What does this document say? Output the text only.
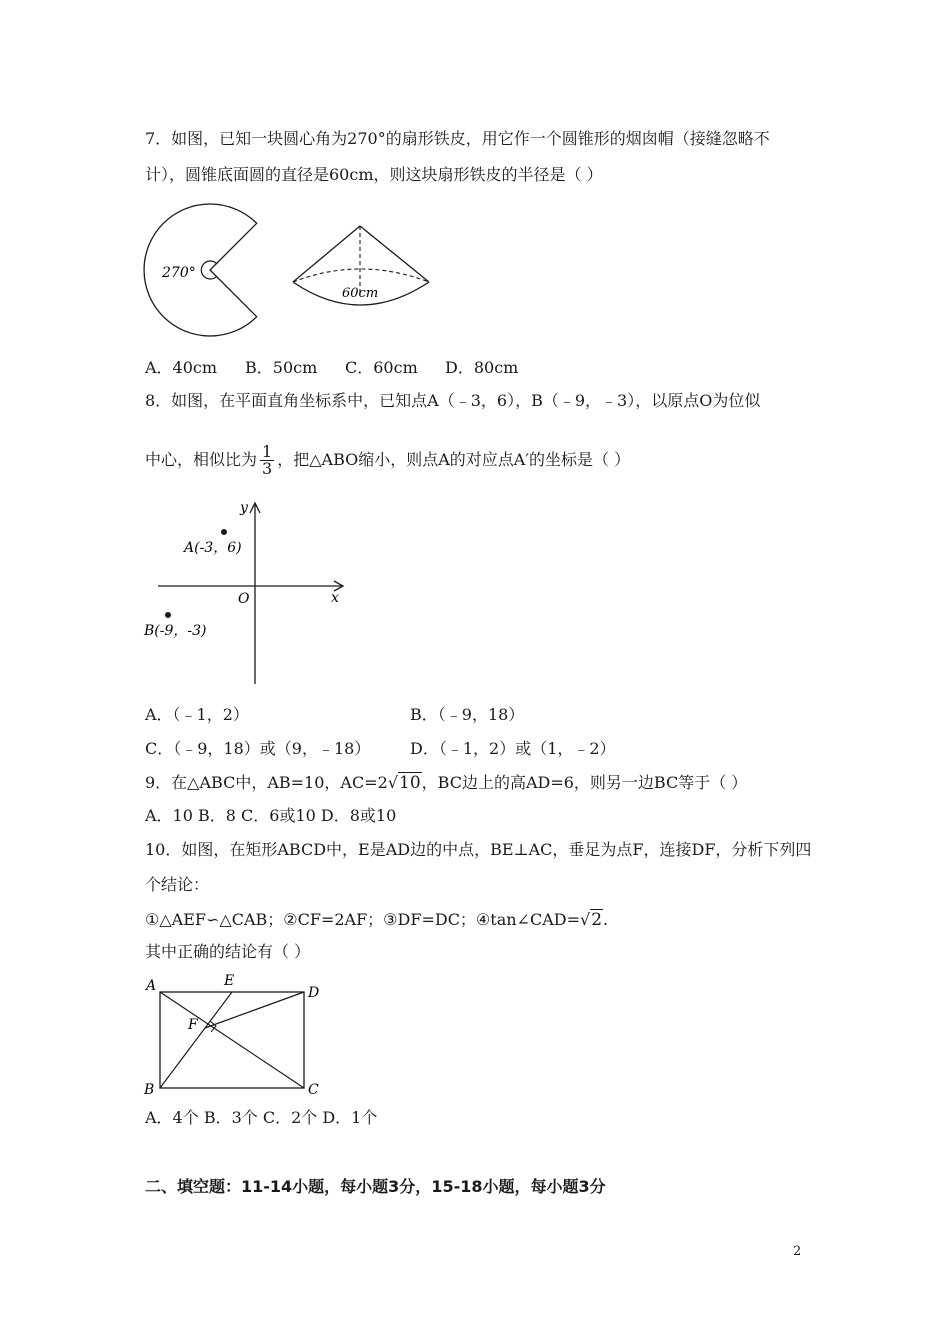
7．如图，已知一块圆心角为270°的扇形铁皮，用它作一个圆锥形的烟囱帽（接缝忽略不
计），圆锥底面圆的直径是60cm，则这块扇形铁皮的半径是（ ）
270°
60cm
A．40cm B．50cm C．60cm D．80cm
8．如图，在平面直角坐标系中，已知点A（﹣3，6），B（﹣9，﹣3），以原点O为位似
中心，相似比为 $\frac{1}{3}$ ，把△ABO缩小，则点A的对应点A′的坐标是（ ）
y
x
O
A(-3，6)
B(-9，-3)
A．（﹣1，2）	B．（﹣9，18）
C．（﹣9，18）或（9，﹣18） D．（﹣1，2）或（1，﹣2）
9．在△ABC中，AB=10，AC=2√10，BC边上的高AD=6，则另一边BC等于（ ）
A．10 B．8 C．6或10 D．8或10
10．如图，在矩形ABCD中，E是AD边的中点，BE⊥AC，垂足为点F，连接DF，分析下列四
个结论：
①△AEF∽△CAB；②CF=2AF；③DF=DC；④tan∠CAD=√2.
其中正确的结论有（ ）
A
B	C
D
E
F
A．4个 B．3个 C．2个 D．1个
二、填空题：11-14小题，每小题3分，15-18小题，每小题3分
2
